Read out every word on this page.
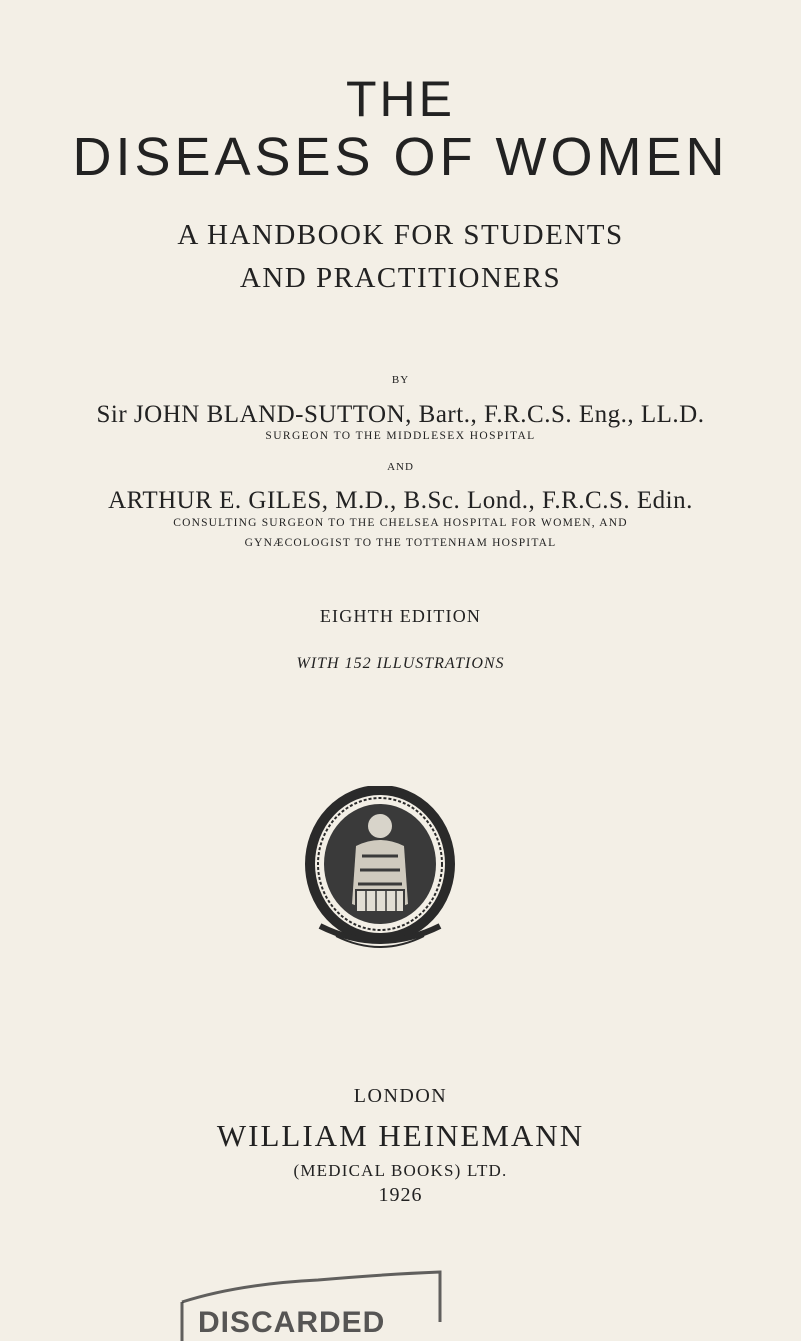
THE
DISEASES OF WOMEN
A HANDBOOK FOR STUDENTS
AND PRACTITIONERS
BY
Sir JOHN BLAND-SUTTON, Bart., F.R.C.S. Eng., LL.D.
SURGEON TO THE MIDDLESEX HOSPITAL
AND
ARTHUR E. GILES, M.D., B.Sc. Lond., F.R.C.S. Edin.
CONSULTING SURGEON TO THE CHELSEA HOSPITAL FOR WOMEN, AND
GYNÆCOLOGIST TO THE TOTTENHAM HOSPITAL
EIGHTH EDITION
WITH 152 ILLUSTRATIONS
LONDON
WILLIAM HEINEMANN
(MEDICAL BOOKS) LTD.
1926
DISCARDED
